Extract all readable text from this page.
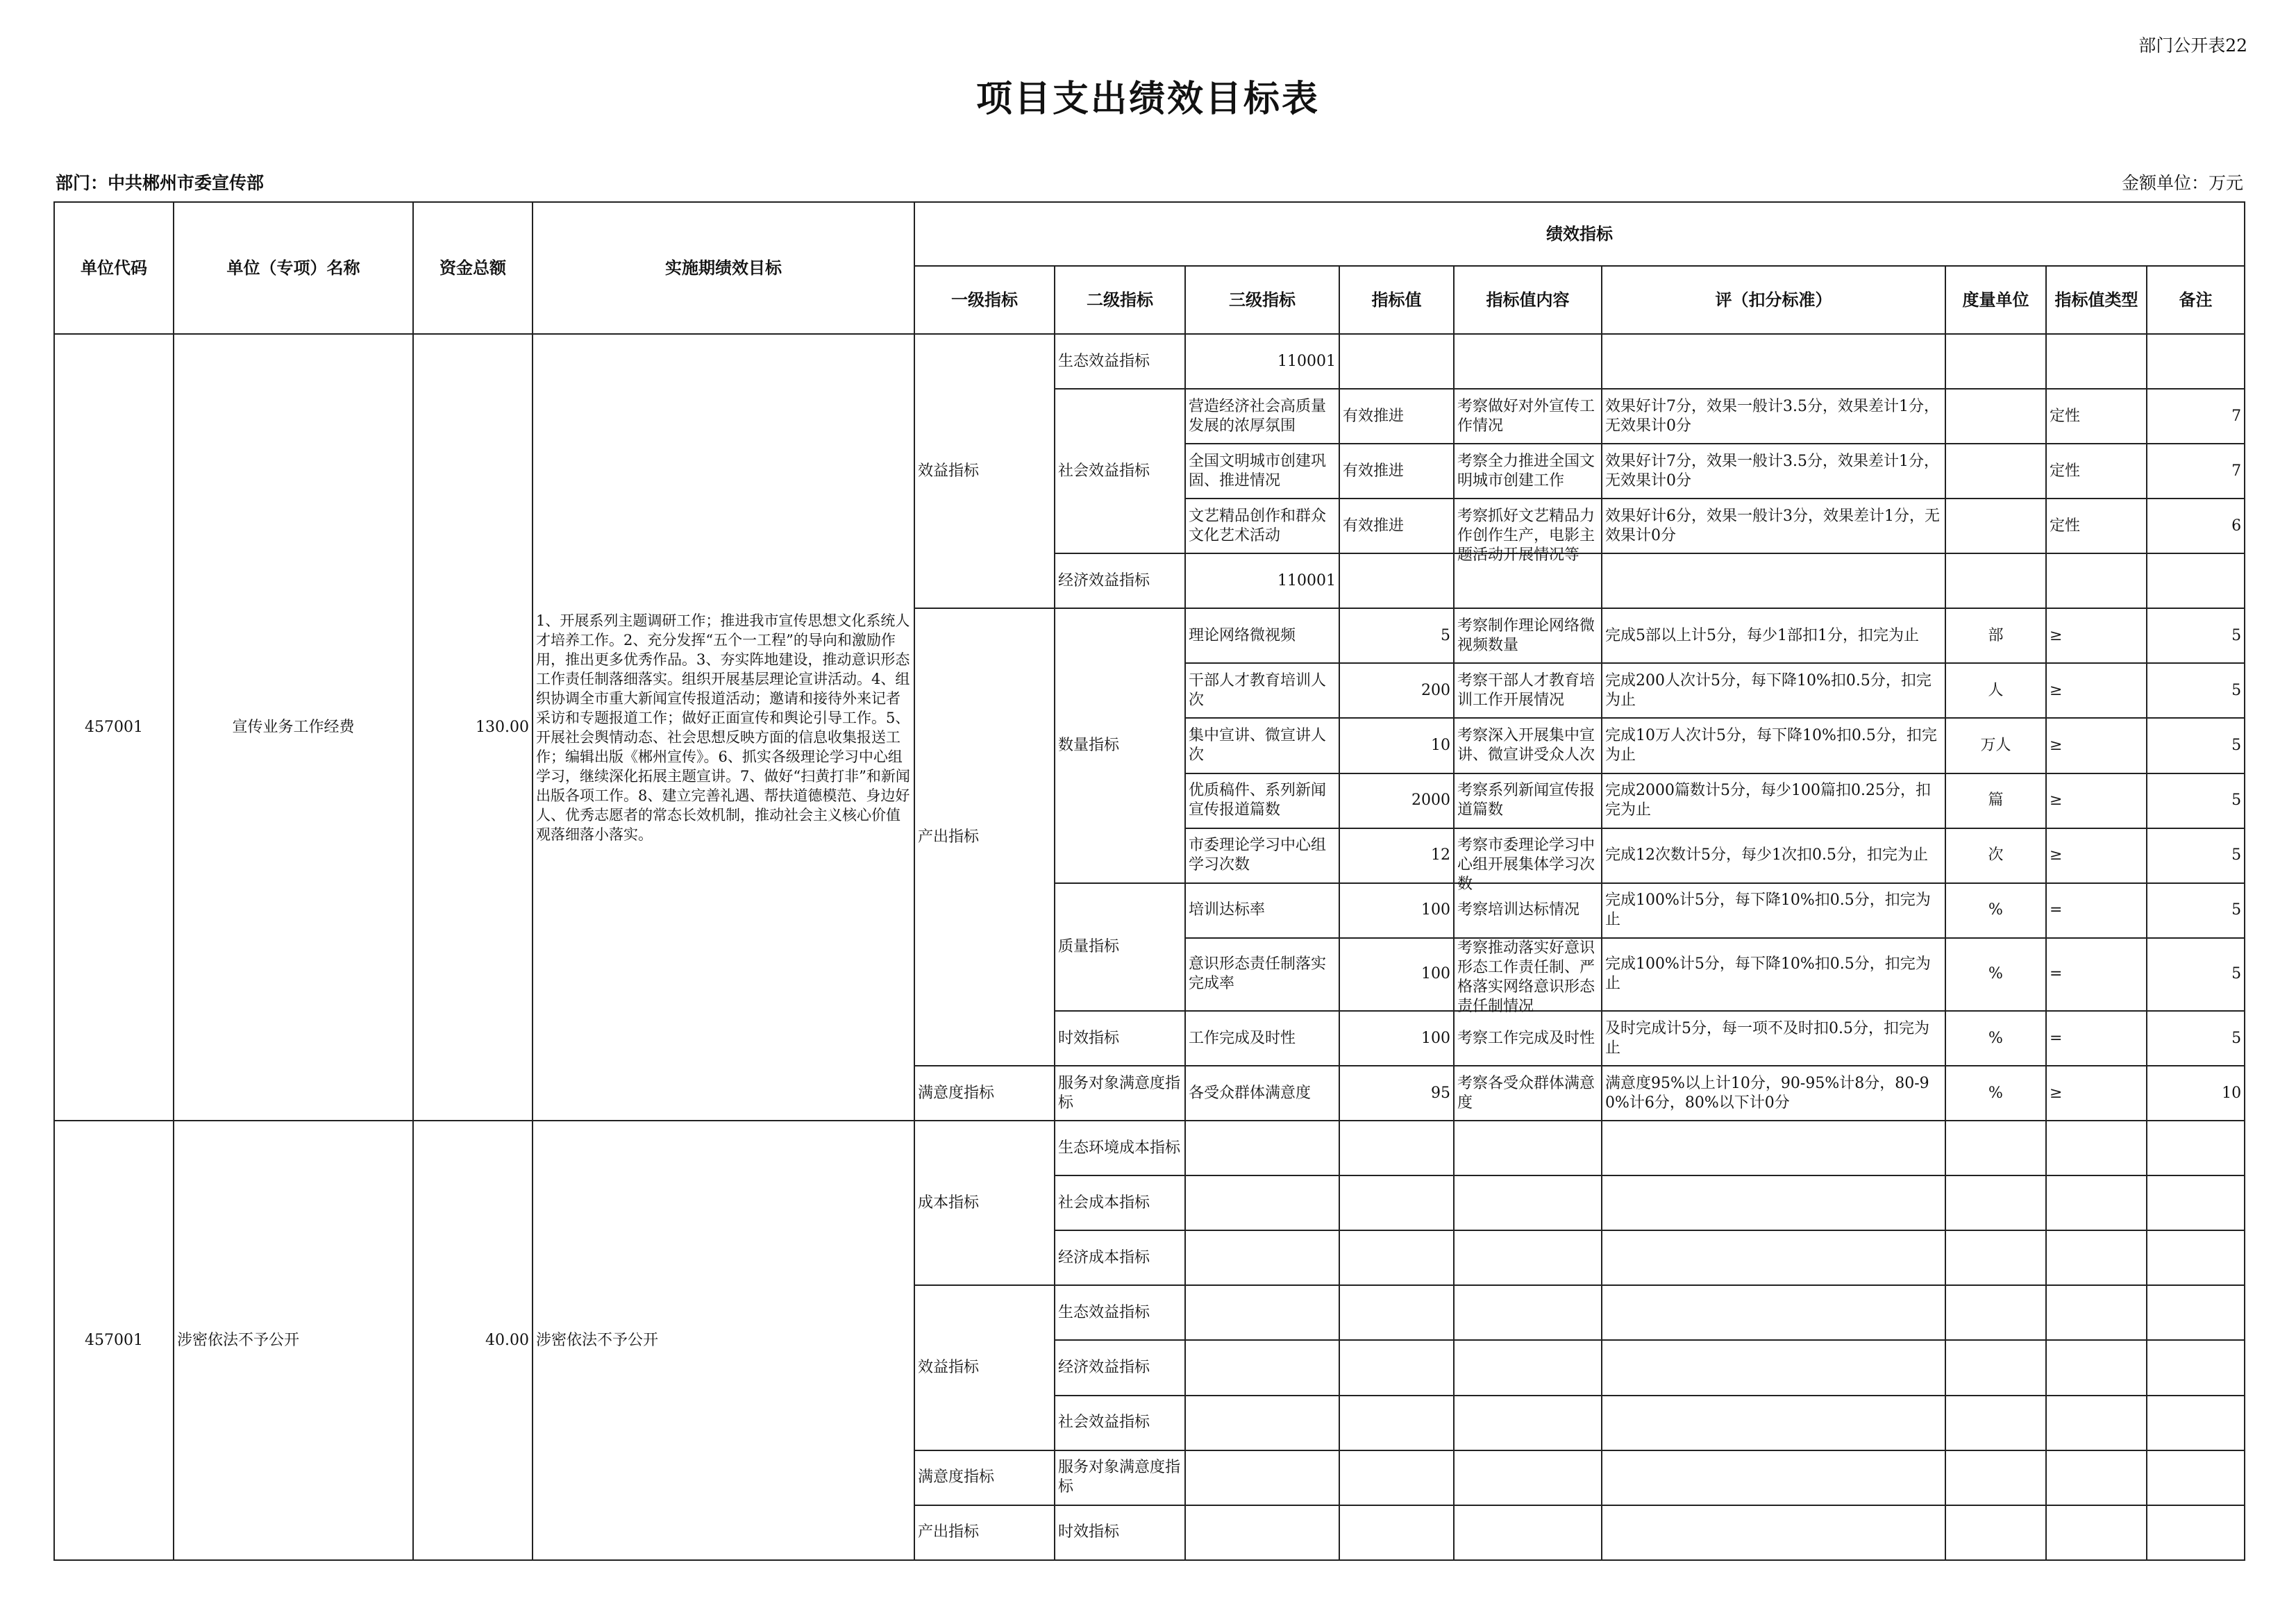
部门公开表22
项目支出绩效目标表
部门：中共郴州市委宣传部	金额单位：万元
单位代码	单位（专项）名称	资金总额	实施期绩效目标	绩效指标								
				一级指标	二级指标	三级指标	指标值	指标值内容	评（扣分标准）	度量单位	指标值类型	备注
457001	宣传业务工作经费	130.00	1、开展系列主题调研工作；推进我市宣传思想文化系统人才培养工作。2、充分发挥“五个一工程”的导向和激励作用，推出更多优秀作品。3、夯实阵地建设，推动意识形态工作责任制落细落实。组织开展基层理论宣讲活动。4、组织协调全市重大新闻宣传报道活动；邀请和接待外来记者采访和专题报道工作；做好正面宣传和舆论引导工作。5、开展社会舆情动态、社会思想反映方面的信息收集报送工作；编辑出版《郴州宣传》。6、抓实各级理论学习中心组学习，继续深化拓展主题宣讲。7、做好“扫黄打非”和新闻出版各项工作。8、建立完善礼遇、帮扶道德模范、身边好人、优秀志愿者的常态长效机制，推动社会主义核心价值观落细落小落实。	效益指标	生态效益指标	110001						
					社会效益指标	营造经济社会高质量发展的浓厚氛围	有效推进	考察做好对外宣传工作情况	效果好计7分，效果一般计3.5分，效果差计1分，无效果计0分		定性	7
						全国文明城市创建巩固、推进情况	有效推进	考察全力推进全国文明城市创建工作	效果好计7分，效果一般计3.5分，效果差计1分，无效果计0分		定性	7
						文艺精品创作和群众文化艺术活动	有效推进	考察抓好文艺精品力作创作生产，电影主题活动开展情况等	效果好计6分，效果一般计3分，效果差计1分，无效果计0分		定性	6
					经济效益指标	110001						
				产出指标	数量指标	理论网络微视频	5	考察制作理论网络微视频数量	完成5部以上计5分，每少1部扣1分，扣完为止	部	≥	5
						干部人才教育培训人次	200	考察干部人才教育培训工作开展情况	完成200人次计5分，每下降10%扣0.5分，扣完为止	人	≥	5
						集中宣讲、微宣讲人次	10	考察深入开展集中宣讲、微宣讲受众人次	完成10万人次计5分，每下降10%扣0.5分，扣完为止	万人	≥	5
						优质稿件、系列新闻宣传报道篇数	2000	考察系列新闻宣传报道篇数	完成2000篇数计5分，每少100篇扣0.25分，扣完为止	篇	≥	5
						市委理论学习中心组学习次数	12	考察市委理论学习中心组开展集体学习次数	完成12次数计5分，每少1次扣0.5分，扣完为止	次	≥	5
					质量指标	培训达标率	100	考察培训达标情况	完成100%计5分，每下降10%扣0.5分，扣完为止	%	=	5
						意识形态责任制落实完成率	100	考察推动落实好意识形态工作责任制、严格落实网络意识形态责任制情况	完成100%计5分，每下降10%扣0.5分，扣完为止	%	=	5
					时效指标	工作完成及时性	100	考察工作完成及时性	及时完成计5分，每一项不及时扣0.5分，扣完为止	%	=	5
				满意度指标	服务对象满意度指标	各受众群体满意度	95	考察各受众群体满意度	满意度95%以上计10分，90-95%计8分，80-90%计6分，80%以下计0分	%	≥	10
457001	涉密依法不予公开	40.00	涉密依法不予公开	成本指标	生态环境成本指标							
					社会成本指标							
					经济成本指标							
				效益指标	生态效益指标							
					经济效益指标							
					社会效益指标							
				满意度指标	服务对象满意度指标							
				产出指标	时效指标							
